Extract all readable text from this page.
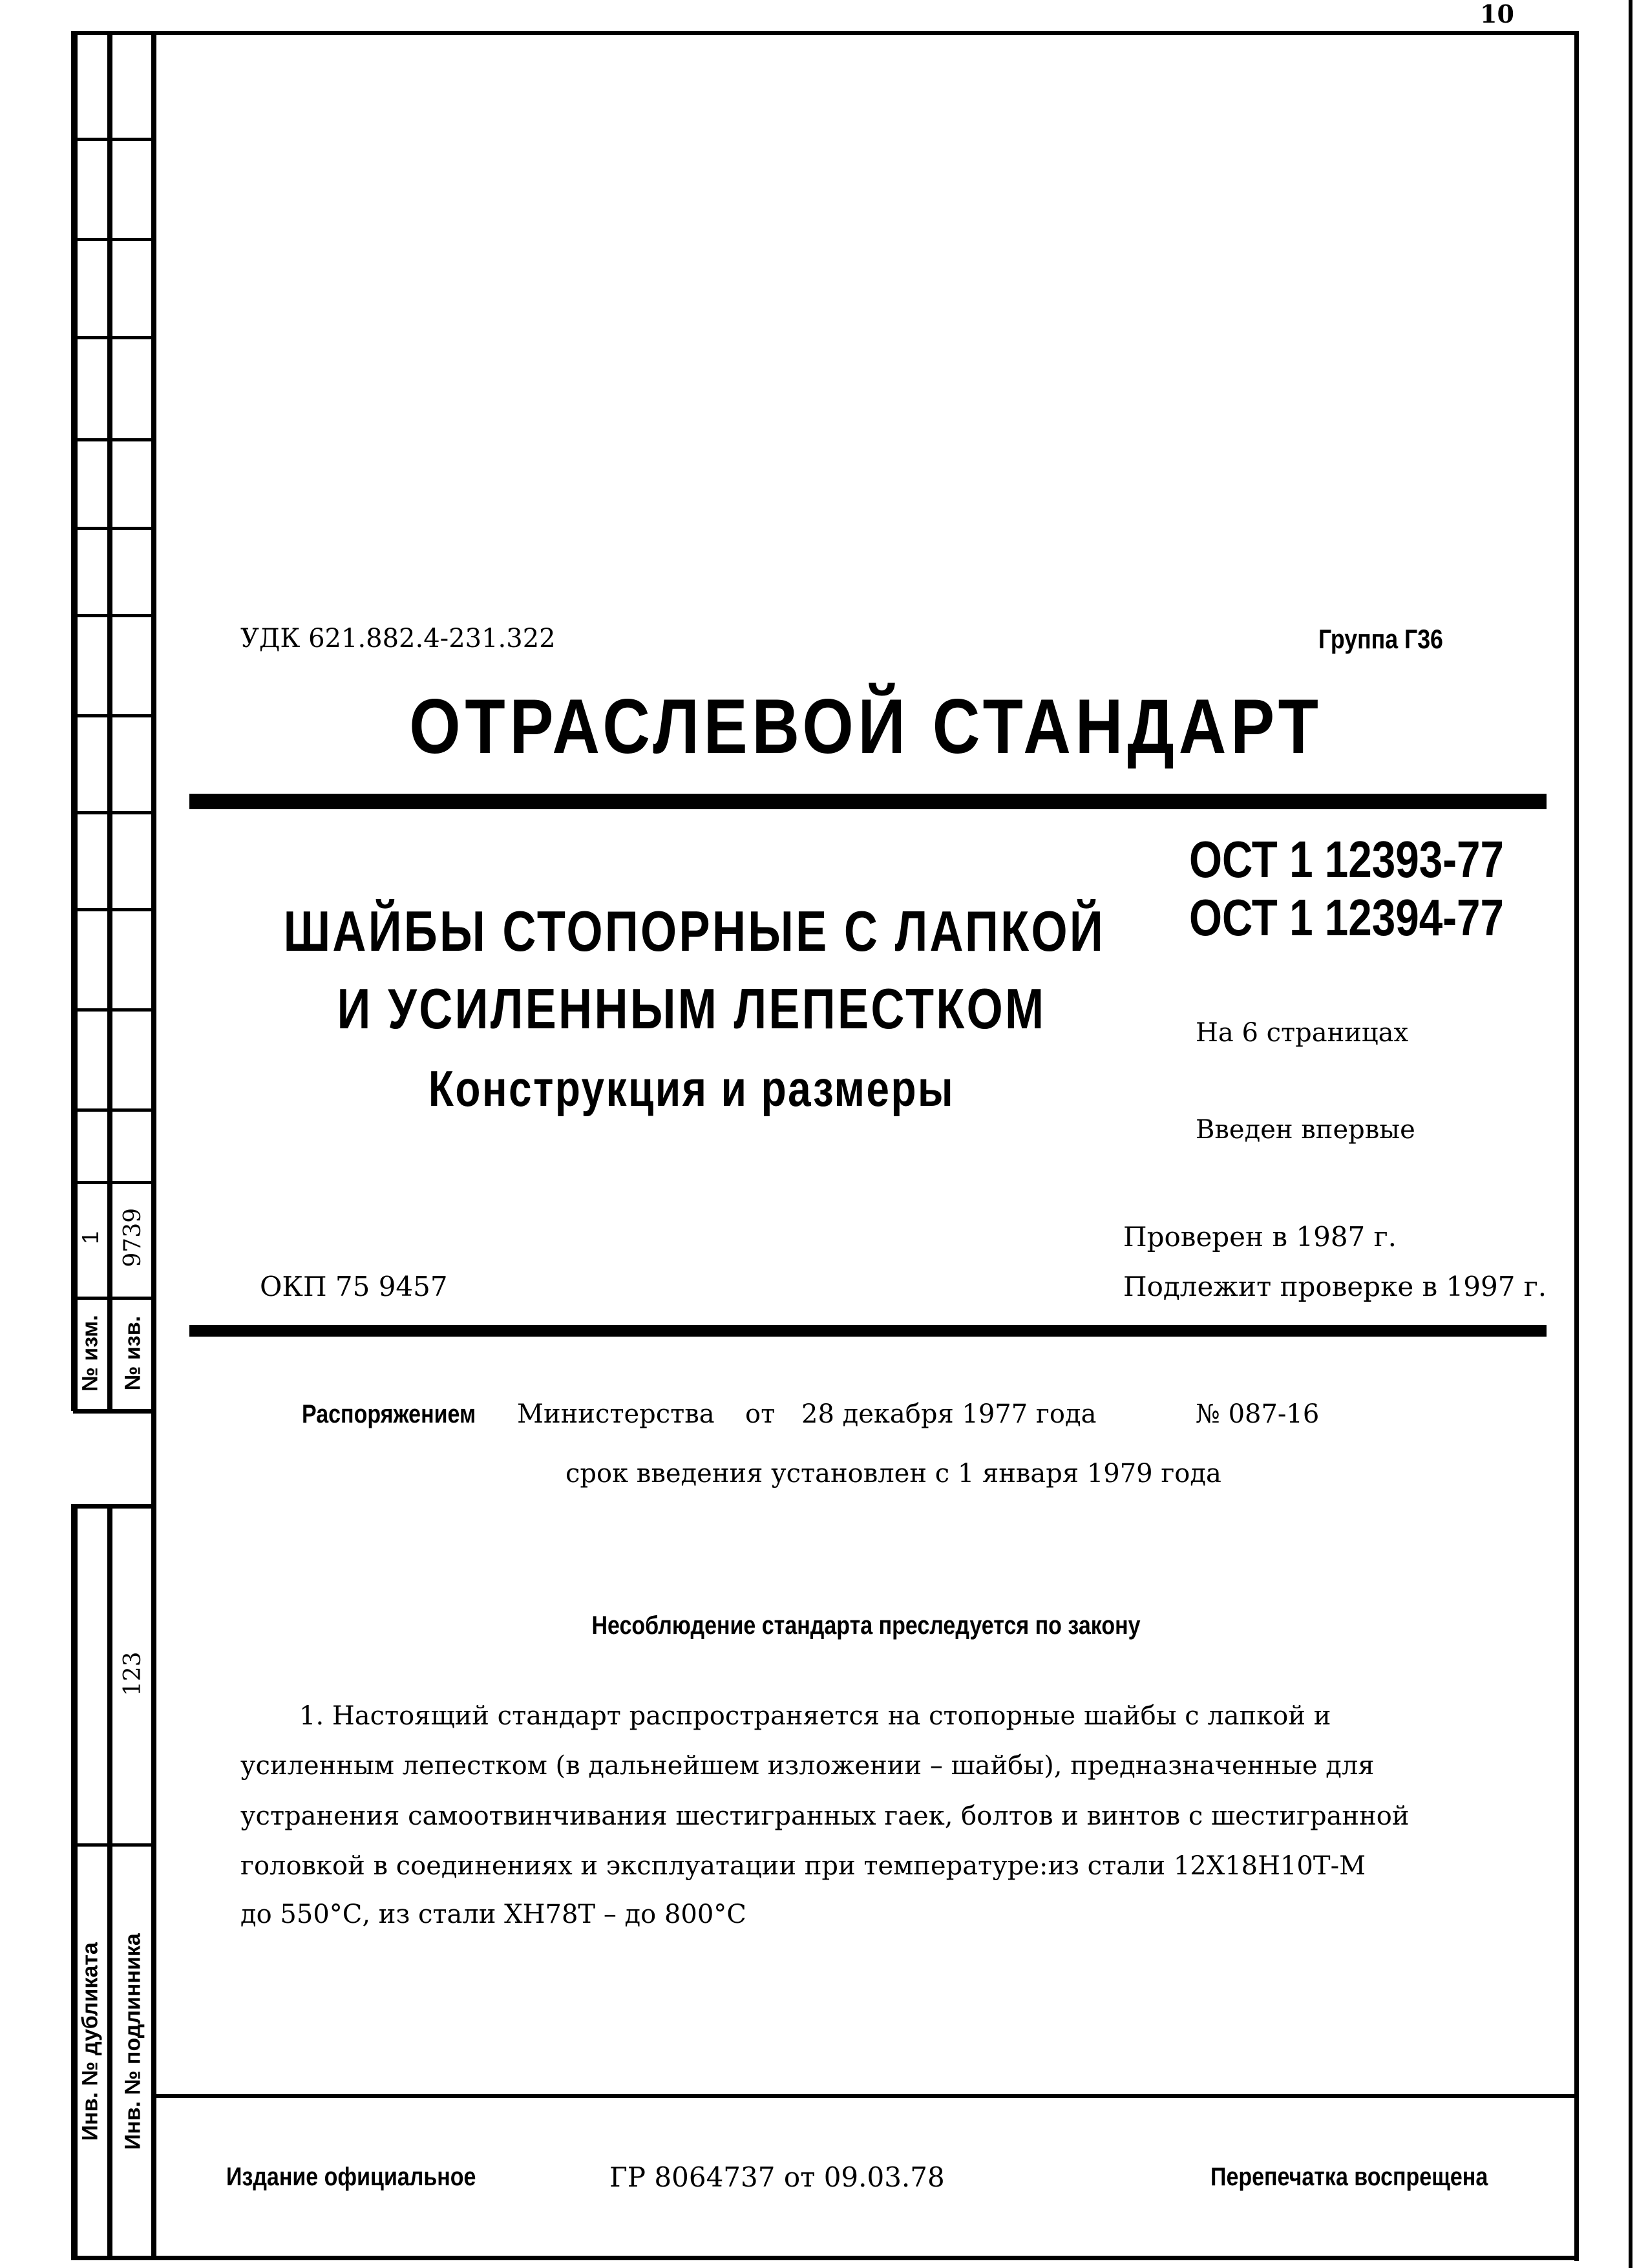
10
1
№ изм.
9739
№ изв.
123
Инв. № дубликата Инв. № подлинника
УДК 621.882.4-231.322	Группа Г36
ОТРАСЛЕВОЙ СТАНДАРТ
ОСТ 1 12393-77
ОСТ 1 12394-77
ШАЙБЫ СТОПОРНЫЕ С ЛАПКОЙ
И УСИЛЕННЫМ ЛЕПЕСТКОМ
Конструкция и размеры
На 6 страницах
Введен впервые
Проверен в 1987 г.
Подлежит проверке в 1997 г.
ОКП 75 9457
Распоряжением Министерства от 28 декабря 1977 года	№ 087-16
срок введения установлен с 1 января 1979 года
Несоблюдение стандарта преследуется по закону
1. Настоящий стандарт распространяется на стопорные шайбы с лапкой и
усиленным лепестком (в дальнейшем изложении – шайбы), предназначенные для
устранения самоотвинчивания шестигранных гаек, болтов и винтов с шестигранной
головкой в соединениях и эксплуатации при температуре:из стали 12Х18Н10Т-М
до 550°С, из стали ХН78Т – до 800°С
Издание официальное	ГР 8064737 от 09.03.78	Перепечатка воспрещена
